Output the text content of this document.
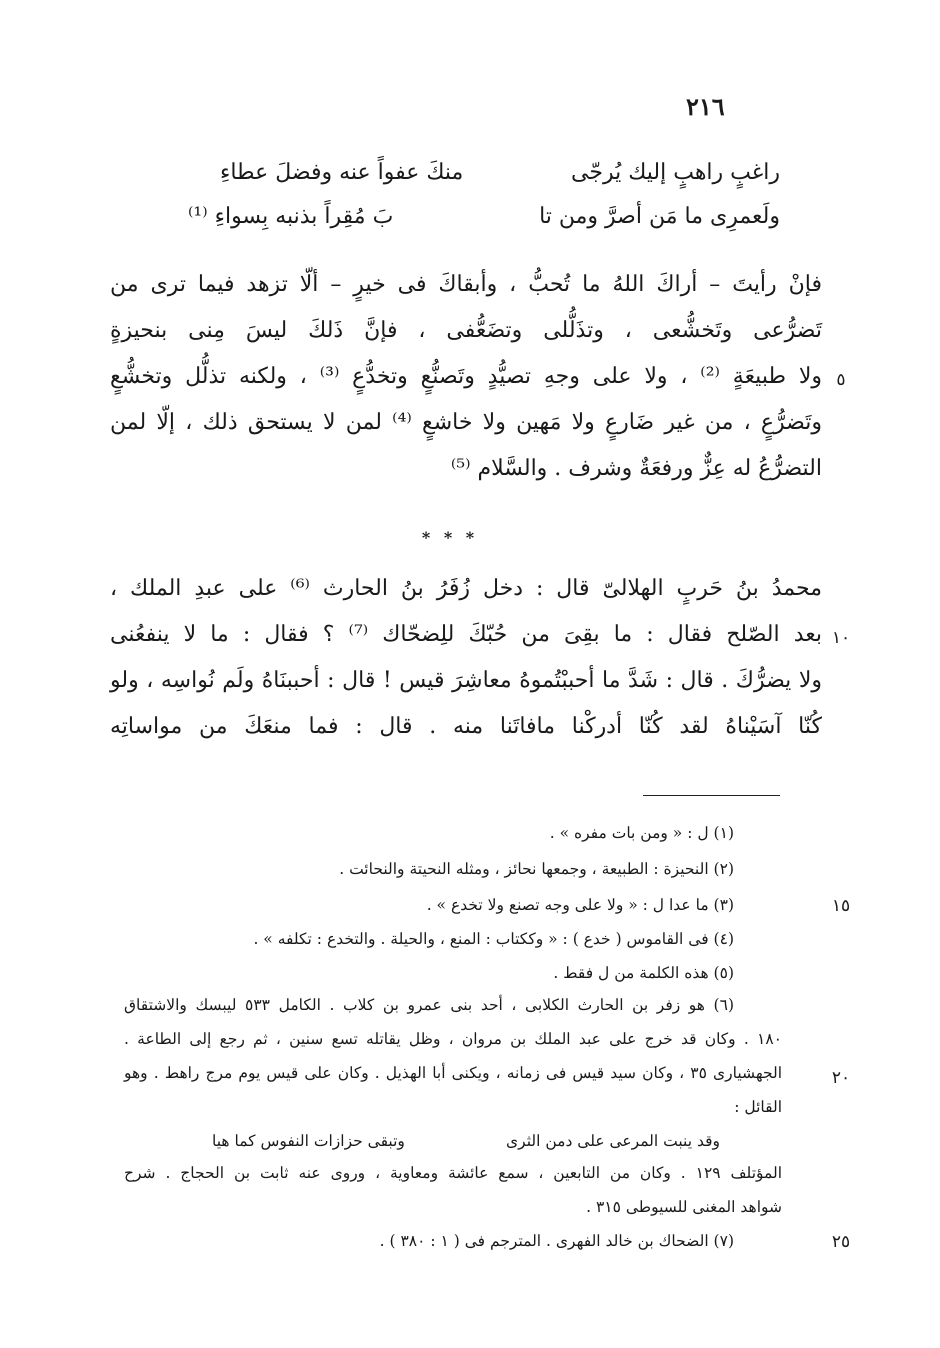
٢١٦
راغبٍ راهبٍ إليك يُرجّى
منكَ عفواً عنه وفضلَ عطاءِ
ولَعمرِى ما مَن أصرَّ ومن تا
بَ مُقِراً بذنبه بِسواءِ ⁽¹⁾
فإنْ رأيتَ – أراكَ اللهُ ما تُحبُّ ، وأبقاكَ فى خيرٍ – ألّا تزهد فيما ترى من
تَضرُّعى وتَخشُّعى ، وتذَلُّلى وتضَعُّفى ، فإنَّ ذَلكَ ليسَ مِنى بنحيزةٍ
ولا طبيعَةٍ ⁽²⁾ ، ولا على وجهِ تصيُّدٍ وتَصنُّعٍ وتخدُّعٍ ⁽³⁾ ، ولكنه تذلُّل وتخشُّعٍ
وتَضرُّعٍ ، من غير ضَارعٍ ولا مَهين ولا خاشعٍ ⁽⁴⁾ لمن لا يستحق ذلك ، إلّا لمن
التضرُّعُ له عِزٌّ ورفعَةٌ وشرف . والسَّلام ⁽⁵⁾
* * *
محمدُ بنُ حَربٍ الهلالىّ قال : دخل زُفَرُ بنُ الحارث ⁽⁶⁾ على عبدِ الملك ،
بعد الصّلح فقال : ما بقِىَ من حُبّكَ للِضحّاك ⁽⁷⁾ ؟ فقال : ما لا ينفعُنى
ولا يضرُّكَ . قال : شَدَّ ما أحببْتُموهُ معاشِرَ قيس ! قال : أحببنَاهُ ولَم نُواسِه ، ولو
كُنّا آسَيْناهُ لقد كُنّا أدركْنا مافاتَنا منه . قال : فما منعَكَ من مواساتِه
٥
١٠
١٥
٢٠
٢٥
(١) ل : « ومن بات مفره » .
(٢) النحيزة : الطبيعة ، وجمعها نحائز ، ومثله النحيتة والنحائت .
(٣) ما عدا ل : « ولا على وجه تصنع ولا تخدع » .
(٤) فى القاموس ( خدع ) : « وككتاب : المنع ، والحيلة . والتخدع : تكلفه » .
(٥) هذه الكلمة من ل فقط .
(٦) هو زفر بن الحارث الكلابى ، أحد بنى عمرو بن كلاب . الكامل ٥٣٣ ليبسك والاشتقاق
١٨٠ . وكان قد خرج على عبد الملك بن مروان ، وظل يقاتله تسع سنين ، ثم رجع إلى الطاعة .
الجهشيارى ٣٥ ، وكان سيد قيس فى زمانه ، ويكنى أبا الهذيل . وكان على قيس يوم مرج راهط . وهو
القائل :
وقد ينبت المرعى على دمن الثرى
وتبقى حزازات النفوس كما هيا
المؤتلف ١٢٩ . وكان من التابعين ، سمع عائشة ومعاوية ، وروى عنه ثابت بن الحجاج . شرح
شواهد المغنى للسيوطى ٣١٥ .
(٧) الضحاك بن خالد الفهرى . المترجم فى ( ١ : ٣٨٠ ) .
